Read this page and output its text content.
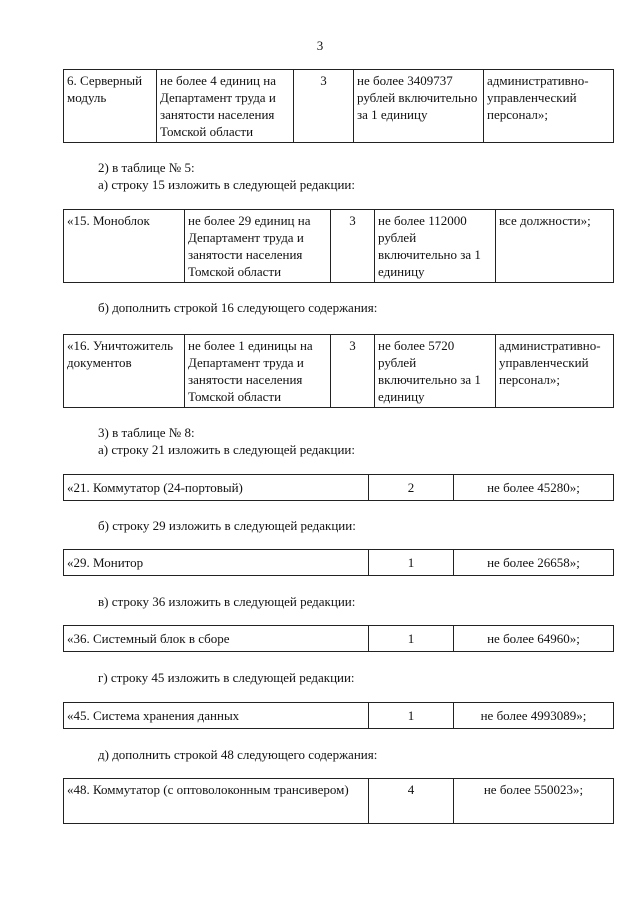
3
6. Серверный модуль	не более 4 единиц на Департамент труда и занятости населения Томской области	3	не более 3409737 рублей включительно за 1 единицу	административно-управленческий персонал»;
2) в таблице № 5:
а) строку 15 изложить в следующей редакции:
«15. Моноблок	не более 29 единиц на Департамент труда и занятости населения Томской области	3	не более 112000 рублей включительно за 1 единицу	все должности»;
б) дополнить строкой 16 следующего содержания:
«16. Уничтожитель документов	не более 1 единицы на Департамент труда и занятости населения Томской области	3	не более 5720 рублей включительно за 1 единицу	административно-управленческий персонал»;
3) в таблице № 8:
а) строку 21 изложить в следующей редакции:
«21. Коммутатор (24-портовый)	2	не более 45280»;
б) строку 29 изложить в следующей редакции:
«29. Монитор	1	не более 26658»;
в) строку 36 изложить в следующей редакции:
«36. Системный блок в сборе	1	не более 64960»;
г) строку 45 изложить в следующей редакции:
«45. Система хранения данных	1	не более 4993089»;
д) дополнить строкой 48 следующего содержания:
«48. Коммутатор (с оптоволоконным трансивером)	4	не более 550023»;
